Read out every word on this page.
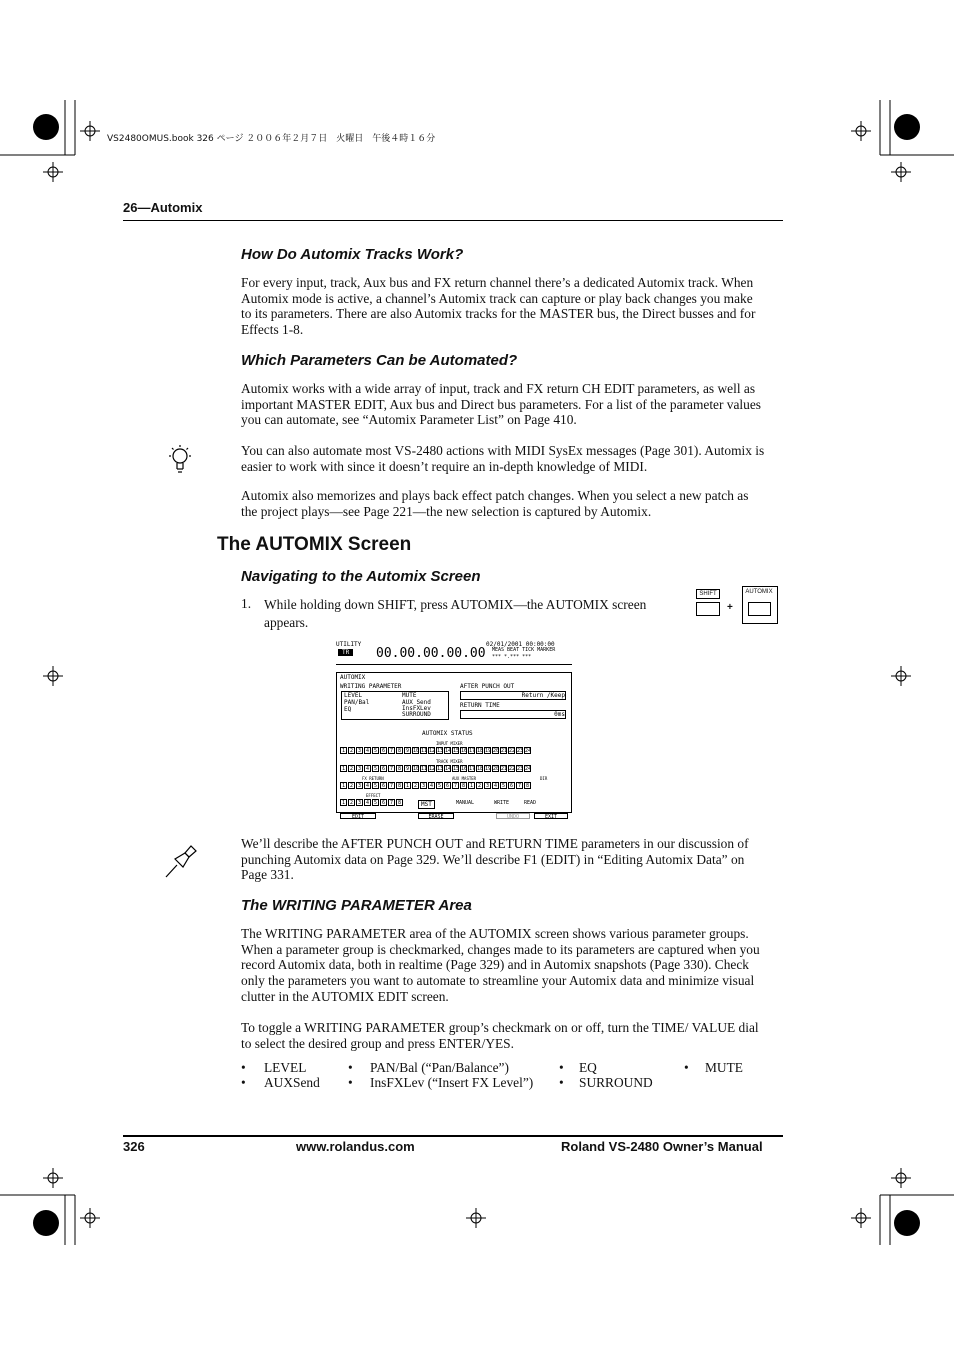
VS2480OMUS.book 326 ページ ２００６年２月７日　火曜日　午後４時１６分
26—Automix
How Do Automix Tracks Work?

For every input, track, Aux bus and FX return channel there’s a dedicated Automix track. When Automix mode is active, a channel’s Automix track can capture or play back changes you make to its parameters. There are also Automix tracks for the MASTER bus, the Direct busses and for Effects 1-8.

Which Parameters Can be Automated?

Automix works with a wide array of input, track and FX return CH EDIT parameters, as well as important MASTER EDIT, Aux bus and Direct bus parameters. For a list of the parameter values you can automate, see “Automix Parameter List” on Page 410.

You can also automate most VS-2480 actions with MIDI SysEx messages (Page 301). Automix is easier to work with since it doesn’t require an in-depth knowledge of MIDI.

Automix also memorizes and plays back effect patch changes. When you select a new patch as the project plays—see Page 221—the new selection is captured by Automix.

The AUTOMIX Screen
Navigating to the Automix Screen
1. While holding down SHIFT, press AUTOMIX—the AUTOMIX screen appears.

SHIFT
+
AUTOMIX
UTILITY	02/01/2001 00:00:00
TR	00.00.00.00.00 MEAS BEAT TICK MARKER
*** *.*** ***
AUTOMIX
WRITING PARAMETER
LEVEL
PAN/Bal
EQ
MUTE
AUX Send
InsFXLev
SURROUND
AFTER PUNCH OUT
Return /Keep
RETURN TIME
0ms
AUTOMIX STATUS
INPUT MIXER
1 2 3 4 5 6 7 8 9 10 11 12 13 14 15 16 17 18 19 20 21 22 23 24
TRACK MIXER
1 2 3 4 5 6 7 8 9 10 11 12 13 14 15 16 17 18 19 20 21 22 23 24
FX RETURN	AUX MASTER	DIR
1 2 3 4 5 6 7 8 1 2 3 4 5 6 7 8 1 2 3 4 5 6 7 8
EFFECT
1 2 3 4 5 6 7 8	MST	MANUAL	WRITE	READ
EDIT	ERASE	UNDO	EXIT

We’ll describe the AFTER PUNCH OUT and RETURN TIME parameters in our discussion of punching Automix data on Page 329. We’ll describe F1 (EDIT) in “Editing Automix Data” on Page 331.

The WRITING PARAMETER Area

The WRITING PARAMETER area of the AUTOMIX screen shows various parameter groups. When a parameter group is checkmarked, changes made to its parameters are captured when you record Automix data, both in realtime (Page 329) and in Automix snapshots (Page 330). Check only the parameters you want to automate to streamline your Automix data and minimize visual clutter in the AUTOMIX EDIT screen.

To toggle a WRITING PARAMETER group’s checkmark on or off, turn the TIME/ VALUE dial to select the desired group and press ENTER/YES.

• LEVEL	• PAN/Bal (“Pan/Balance”)	• EQ	• MUTE
• AUXSend • InsFXLev (“Insert FX Level”) • SURROUND
326	www.rolandus.com	Roland VS-2480 Owner’s Manual
